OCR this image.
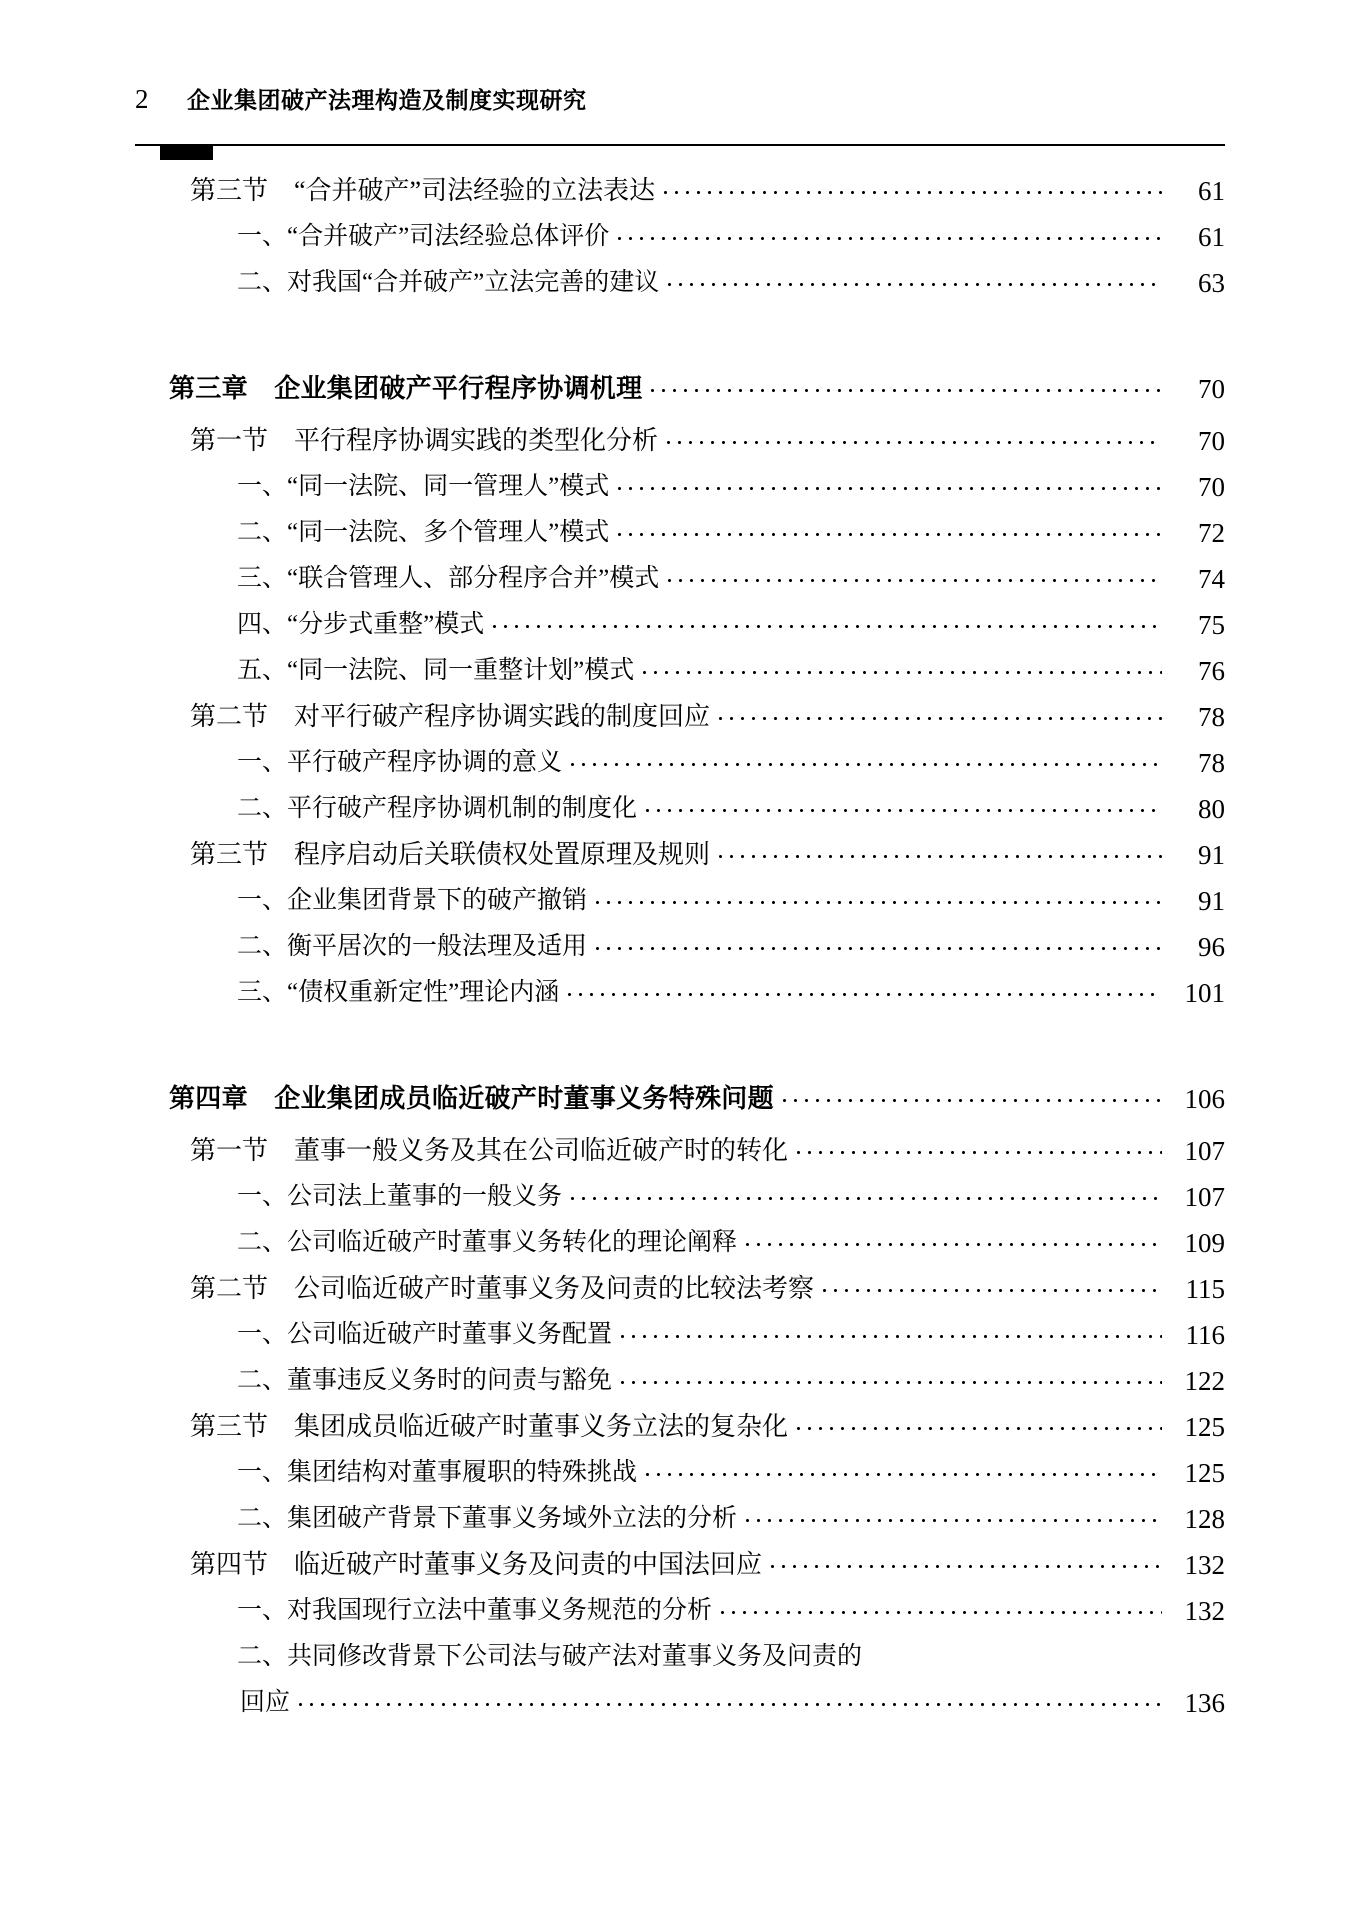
2	企业集团破产法理构造及制度实现研究
第三节　“合并破产”司法经验的立法表达	61
一、“合并破产”司法经验总体评价	61
二、对我国“合并破产”立法完善的建议	63
第三章　企业集团破产平行程序协调机理	70
第一节　平行程序协调实践的类型化分析	70
一、“同一法院、同一管理人”模式	70
二、“同一法院、多个管理人”模式	72
三、“联合管理人、部分程序合并”模式	74
四、“分步式重整”模式	75
五、“同一法院、同一重整计划”模式	76
第二节　对平行破产程序协调实践的制度回应	78
一、平行破产程序协调的意义	78
二、平行破产程序协调机制的制度化	80
第三节　程序启动后关联债权处置原理及规则	91
一、企业集团背景下的破产撤销	91
二、衡平居次的一般法理及适用	96
三、“债权重新定性”理论内涵	101
第四章　企业集团成员临近破产时董事义务特殊问题	106
第一节　董事一般义务及其在公司临近破产时的转化	107
一、公司法上董事的一般义务	107
二、公司临近破产时董事义务转化的理论阐释	109
第二节　公司临近破产时董事义务及问责的比较法考察	115
一、公司临近破产时董事义务配置	116
二、董事违反义务时的问责与豁免	122
第三节　集团成员临近破产时董事义务立法的复杂化	125
一、集团结构对董事履职的特殊挑战	125
二、集团破产背景下董事义务域外立法的分析	128
第四节　临近破产时董事义务及问责的中国法回应	132
一、对我国现行立法中董事义务规范的分析	132
二、共同修改背景下公司法与破产法对董事义务及问责的
回应	136
